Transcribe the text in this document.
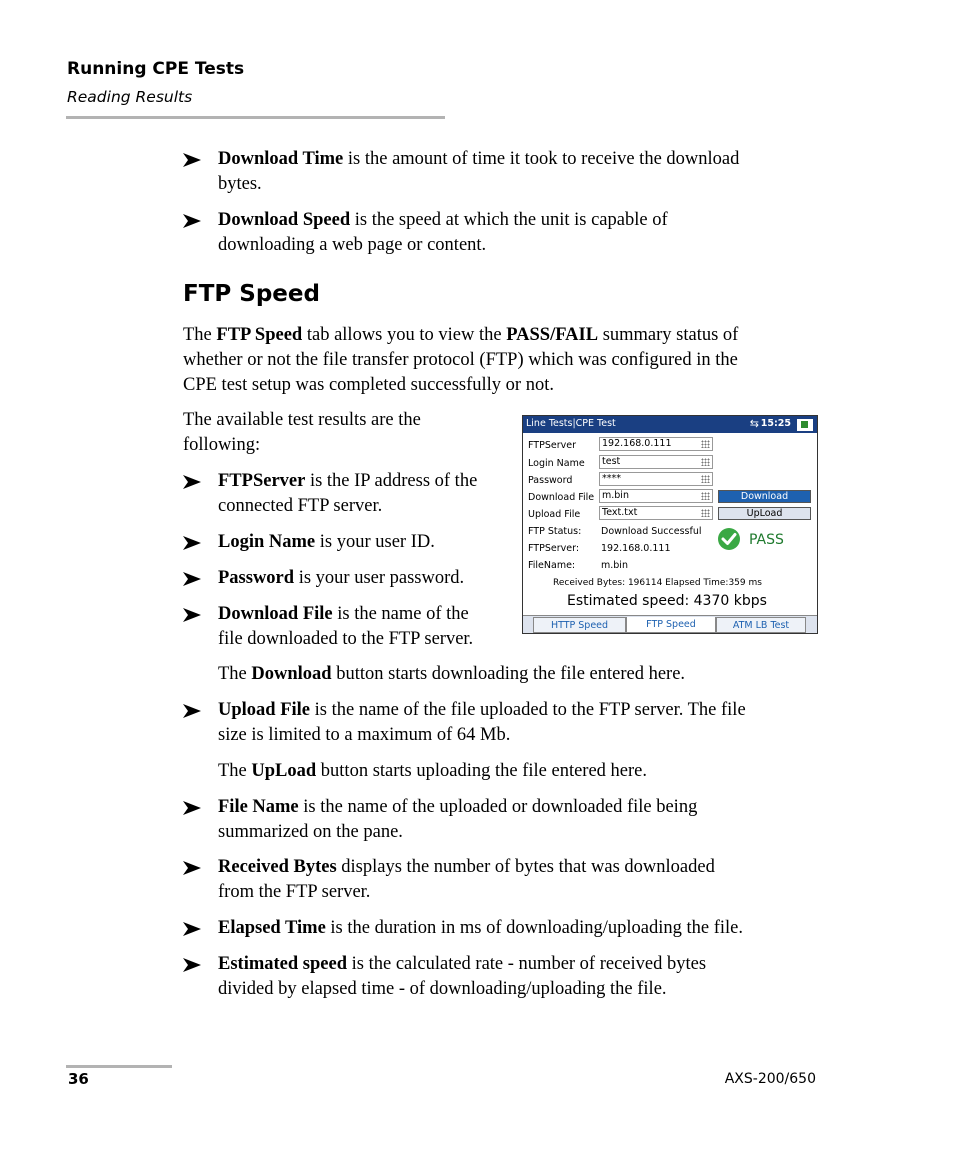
Running CPE Tests
Reading Results
Download Time is the amount of time it took to receive the download
bytes.
Download Speed is the speed at which the unit is capable of
downloading a web page or content.
FTP Speed
The FTP Speed tab allows you to view the PASS/FAIL summary status of
whether or not the file transfer protocol (FTP) which was configured in the
CPE test setup was completed successfully or not.
The available test results are the
following:
FTPServer is the IP address of the
connected FTP server.
Login Name is your user ID.
Password is your user password.
Download File is the name of the
file downloaded to the FTP server.
Line Tests|CPE Test	⇆ 15:25
FTPServer	192.168.0.111
Login Name	test
Password	****
Download File m.bin	Download
Upload File	Text.txt	UpLoad
FTP Status: Download Successful
FTPServer: 192.168.0.111
FileName:	m.bin
PASS
Received Bytes: 196114 Elapsed Time:359 ms
Estimated speed: 4370 kbps
HTTP Speed	FTP Speed	ATM LB Test
The Download button starts downloading the file entered here.
Upload File is the name of the file uploaded to the FTP server. The file
size is limited to a maximum of 64 Mb.
The UpLoad button starts uploading the file entered here.
File Name is the name of the uploaded or downloaded file being
summarized on the pane.
Received Bytes displays the number of bytes that was downloaded
from the FTP server.
Elapsed Time is the duration in ms of downloading/uploading the file.
Estimated speed is the calculated rate - number of received bytes
divided by elapsed time - of downloading/uploading the file.
36	AXS-200/650
